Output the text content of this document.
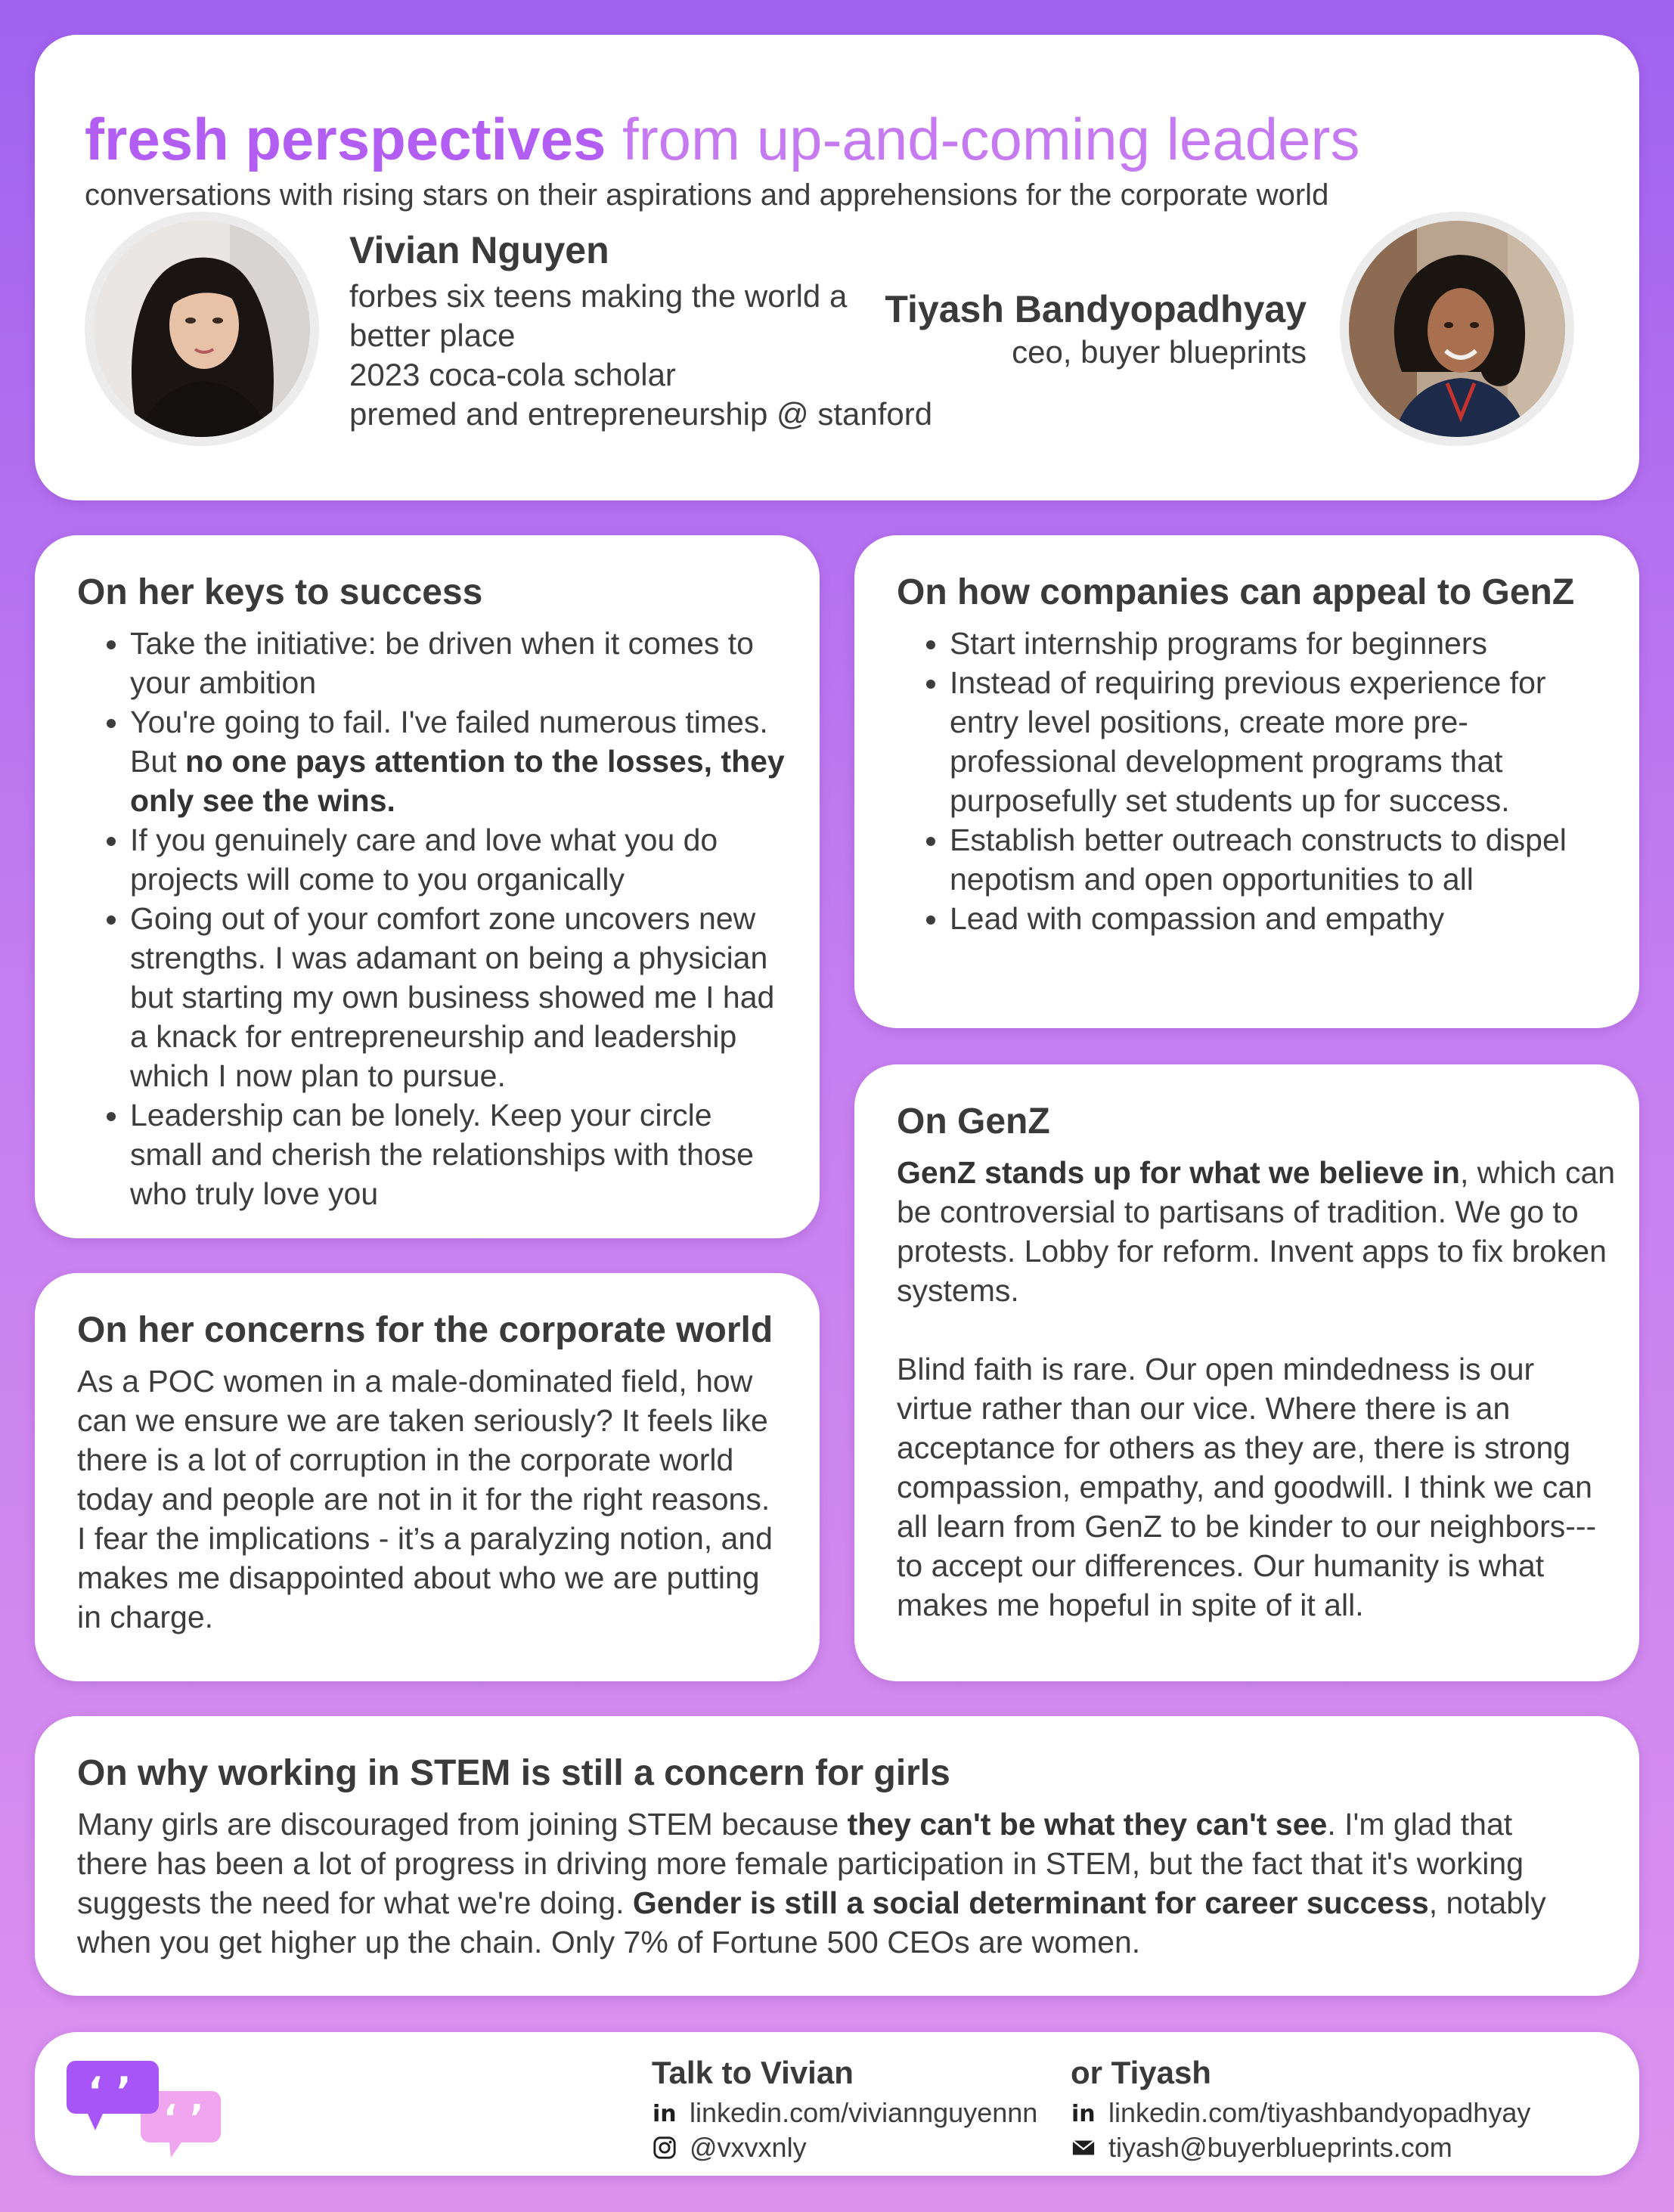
fresh perspectives from up-and-coming leaders
conversations with rising stars on their aspirations and apprehensions for the corporate world
Vivian Nguyen
forbes six teens making the world a
better place
2023 coca-cola scholar
premed and entrepreneurship @ stanford
Tiyash Bandyopadhyay
ceo, buyer blueprints
On her keys to success
• Take the initiative: be driven when it comes to your ambition
• You're going to fail. I've failed numerous times. But no one pays attention to the losses, they only see the wins.
• If you genuinely care and love what you do projects will come to you organically
• Going out of your comfort zone uncovers new strengths. I was adamant on being a physician but starting my own business showed me I had a knack for entrepreneurship and leadership which I now plan to pursue.
• Leadership can be lonely. Keep your circle small and cherish the relationships with those who truly love you
On how companies can appeal to GenZ
• Start internship programs for beginners
• Instead of requiring previous experience for entry level positions, create more pre-professional development programs that purposefully set students up for success.
• Establish better outreach constructs to dispel nepotism and open opportunities to all
• Lead with compassion and empathy
On GenZ
GenZ stands up for what we believe in, which can be controversial to partisans of tradition. We go to protests. Lobby for reform. Invent apps to fix broken systems.
Blind faith is rare. Our open mindedness is our virtue rather than our vice. Where there is an acceptance for others as they are, there is strong compassion, empathy, and goodwill. I think we can all learn from GenZ to be kinder to our neighbors---to accept our differences. Our humanity is what makes me hopeful in spite of it all.
On her concerns for the corporate world
As a POC women in a male-dominated field, how can we ensure we are taken seriously? It feels like there is a lot of corruption in the corporate world today and people are not in it for the right reasons. I fear the implications - it’s a paralyzing notion, and makes me disappointed about who we are putting in charge.
On why working in STEM is still a concern for girls
Many girls are discouraged from joining STEM because they can't be what they can't see. I'm glad that there has been a lot of progress in driving more female participation in STEM, but the fact that it's working suggests the need for what we're doing. Gender is still a social determinant for career success, notably when you get higher up the chain. Only 7% of Fortune 500 CEOs are women.
‘ ’
‘ ’	Talk to Vivian
in linkedin.com/viviannguyennn
@vxvxnly
or Tiyash
in linkedin.com/tiyashbandyopadhyay
tiyash@buyerblueprints.com
